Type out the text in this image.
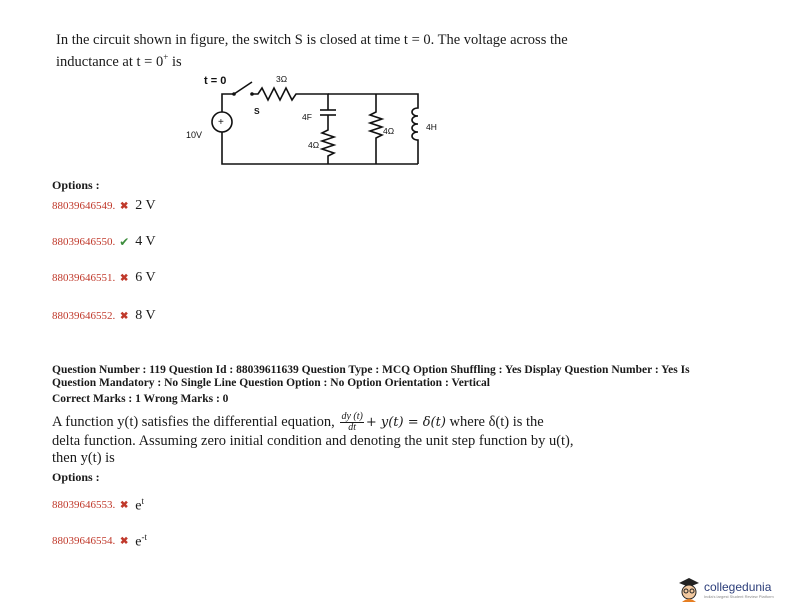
In the circuit shown in figure, the switch S is closed at time t = 0. The voltage across the
inductance at t = 0+ is
t = 0	3Ω
S
10V
+	4F
4Ω
4Ω	4H
Options :
88039646549. ✖ 2 V
88039646550. ✔ 4 V
88039646551. ✖ 6 V
88039646552. ✖ 8 V
Question Number : 119 Question Id : 88039611639 Question Type : MCQ Option Shuffling : Yes Display Question Number : Yes Is
Question Mandatory : No Single Line Question Option : No Option Orientation : Vertical
Correct Marks : 1 Wrong Marks : 0
A function y(t) satisfies the differential equation, $\frac{dy (t)}{dt} + y(t) = \delta(t)$ where δ(t) is the
delta function. Assuming zero initial condition and denoting the unit step function by u(t),
then y(t) is
Options :
88039646553. ✖ $e^t$
88039646554. ✖ $e^{-t}$
collegedunia
India's largest Student Review Platform
